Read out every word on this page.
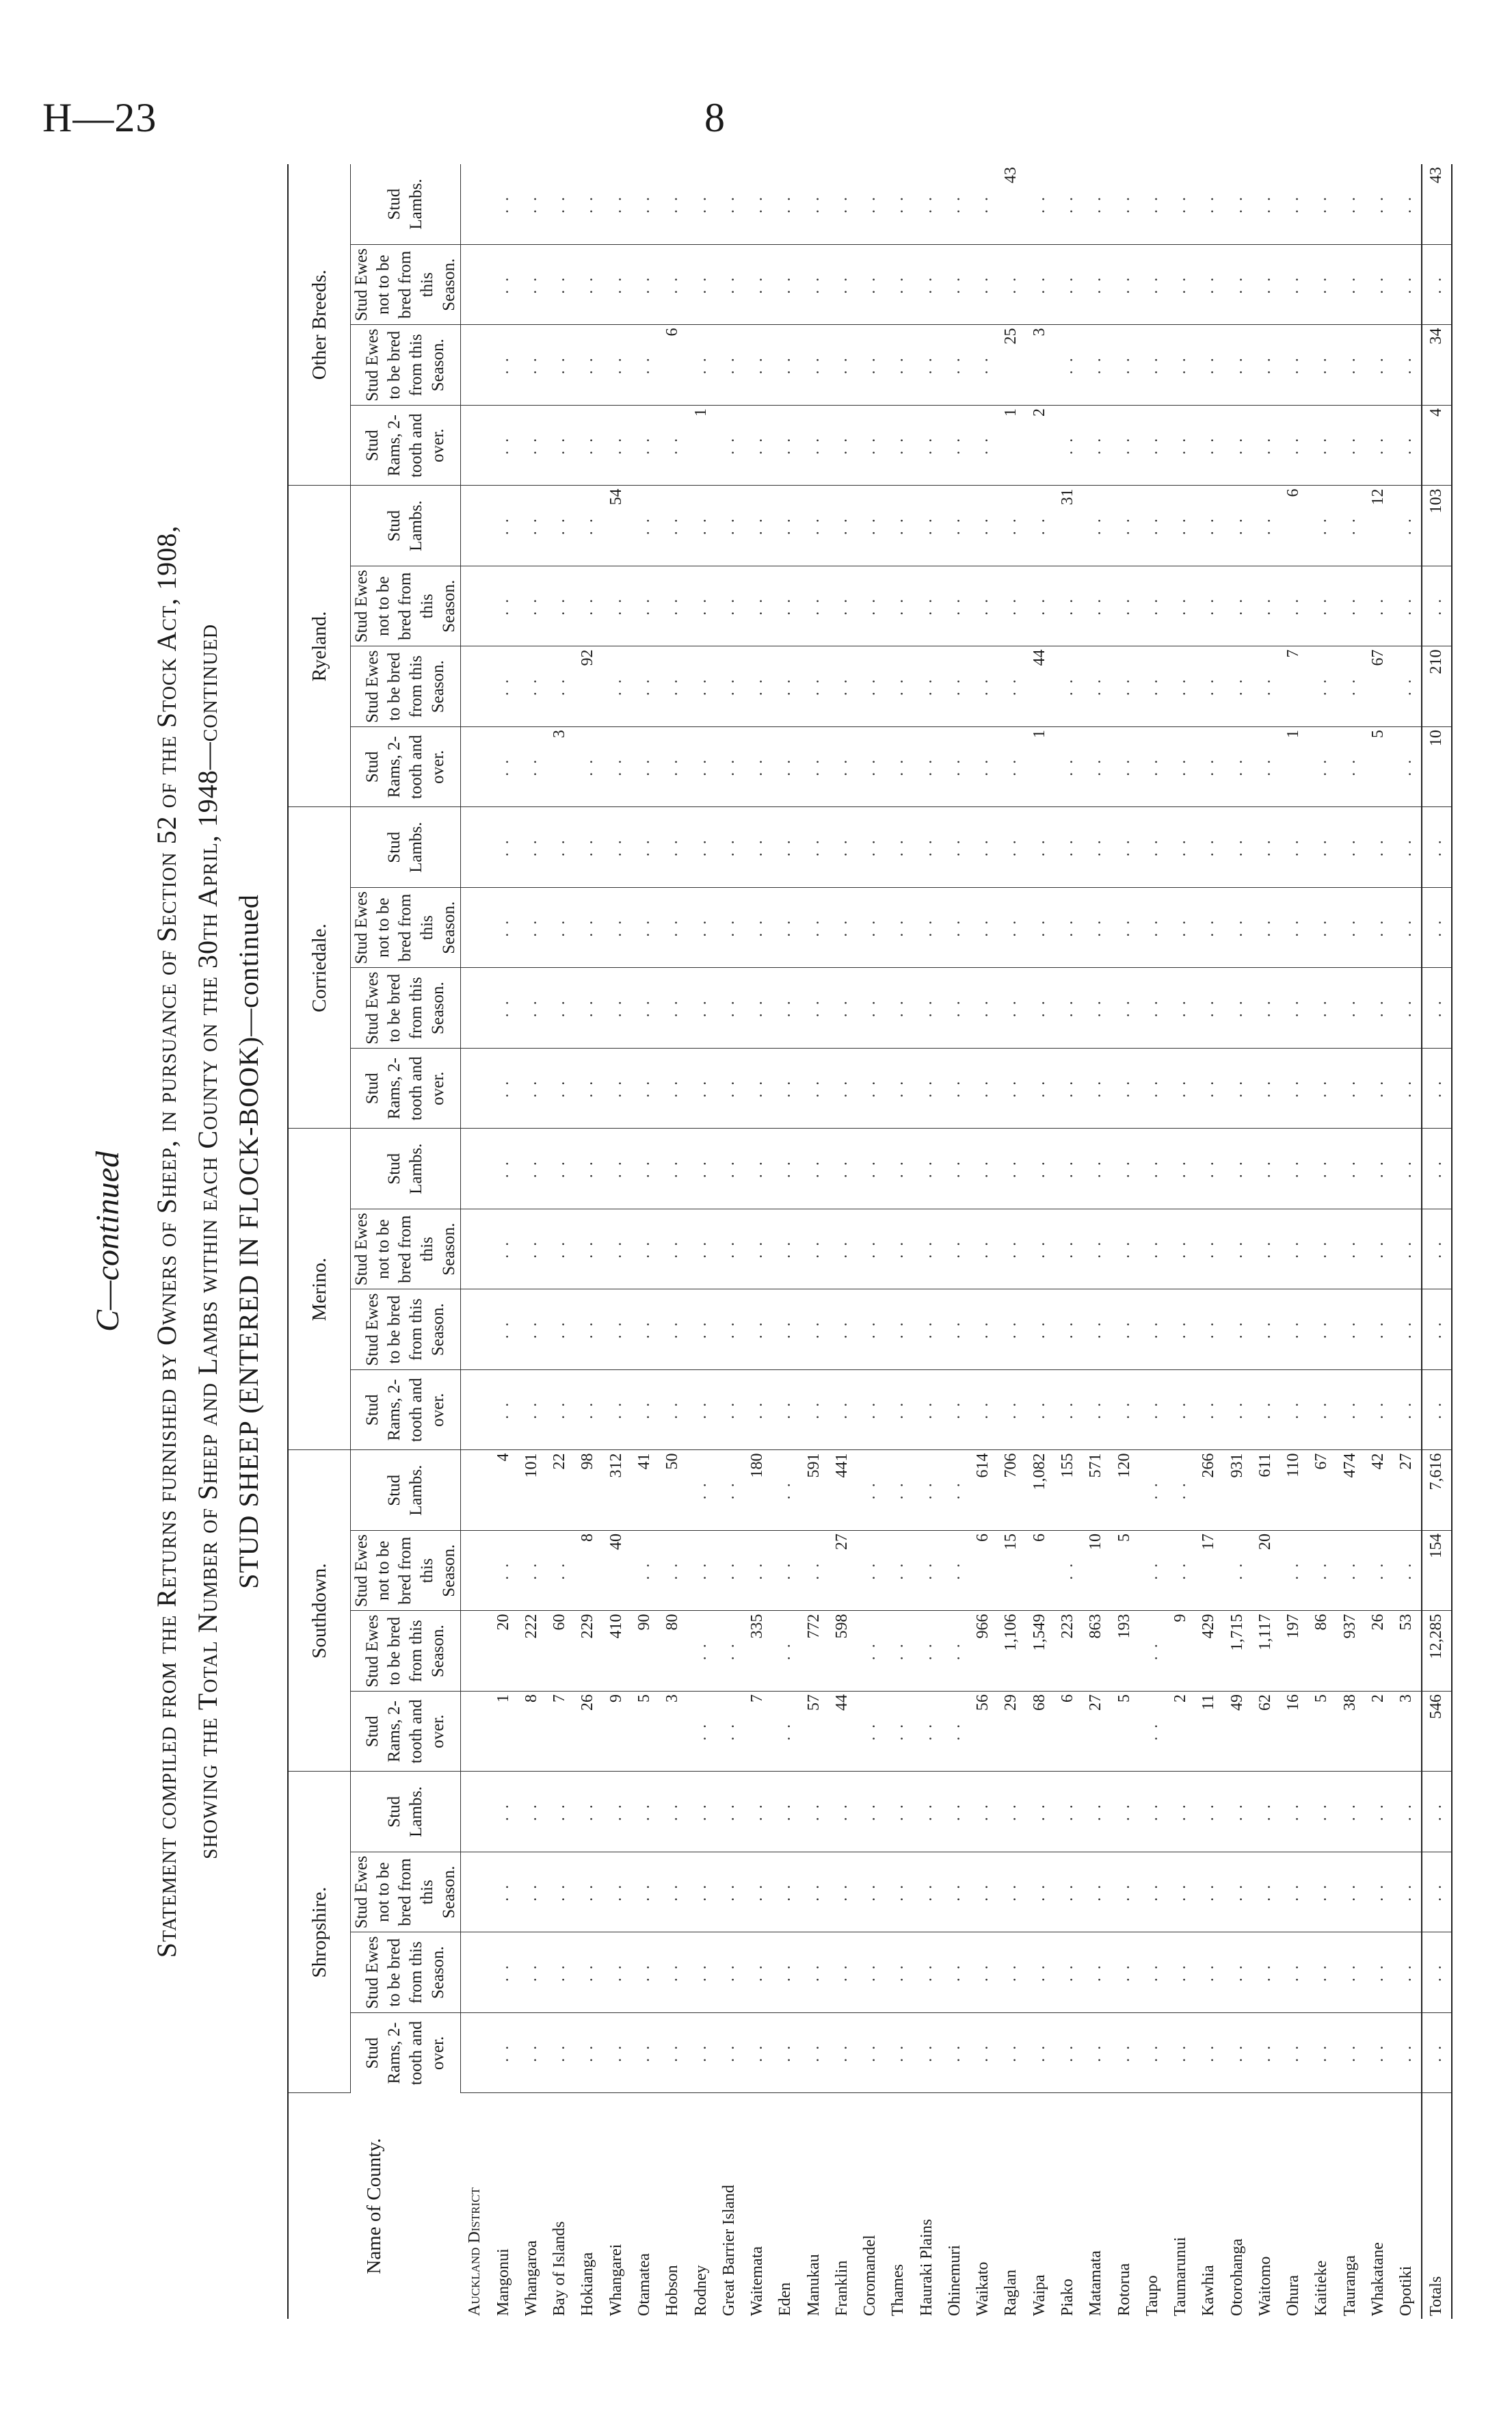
H—23	8
C—continued Statement compiled from the Returns furnished by Owners of Sheep, in pursuance of Section 52 of the Stock Act, 1908, showing the Total Number of Sheep and Lambs within each County on the 30th April, 1948—continued STUD SHEEP (ENTERED IN FLOCK-BOOK)—continued
Name of County.	Shropshire.				Southdown.				Merino.				Corriedale.				Ryeland.				Other Breeds.			
	Stud Rams, 2-tooth and over.	Stud Ewes to be bred from this Season.	Stud Ewes not to be bred from this Season.	Stud Lambs.	Stud Rams, 2-tooth and over.	Stud Ewes to be bred from this Season.	Stud Ewes not to be bred from this Season.	Stud Lambs.	Stud Rams, 2-tooth and over.	Stud Ewes to be bred from this Season.	Stud Ewes not to be bred from this Season.	Stud Lambs.	Stud Rams, 2-tooth and over.	Stud Ewes to be bred from this Season.	Stud Ewes not to be bred from this Season.	Stud Lambs.	Stud Rams, 2-tooth and over.	Stud Ewes to be bred from this Season.	Stud Ewes not to be bred from this Season.	Stud Lambs.	Stud Rams, 2-tooth and over.	Stud Ewes to be bred from this Season.	Stud Ewes not to be bred from this Season.	Stud Lambs.
Auckland District																								
Mangonui	. .	. .	. .	. .	1	20	. .	4	. .	. .	. .	. .	. .	. .	. .	. .	. .	. .	. .	. .	. .	. .	. .	. .
Whangaroa	. .	. .	. .	. .	8	222	. .	101	. .	. .	. .	. .	. .	. .	. .	. .	. .	. .	. .	. .	. .	. .	. .	. .
Bay of Islands	. .	. .	. .	. .	7	60	. .	22	. .	. .	. .	. .	. .	. .	. .	. .	3	. .	. .	. .	. .	. .	. .	. .
Hokianga	. .	. .	. .	. .	26	229	8	98	. .	. .	. .	. .	. .	. .	. .	. .	. .	92	. .	. .	. .	. .	. .	. .
Whangarei	. .	. .	. .	. .	9	410	40	312	. .	. .	. .	. .	. .	. .	. .	. .	. .	. .	. .	54	. .	. .	. .	. .
Otamatea	. .	. .	. .	. .	5	90	. .	41	. .	. .	. .	. .	. .	. .	. .	. .	. .	. .	. .	. .	. .	. .	. .	. .
Hobson	. .	. .	. .	. .	3	80	. .	50	. .	. .	. .	. .	. .	. .	. .	. .	. .	. .	. .	. .	. .	6	. .	. .
Rodney	. .	. .	. .	. .	. .	. .	. .	. .	. .	. .	. .	. .	. .	. .	. .	. .	. .	. .	. .	. .	1	. .	. .	. .
Great Barrier Island	. .	. .	. .	. .	. .	. .	. .	. .	. .	. .	. .	. .	. .	. .	. .	. .	. .	. .	. .	. .	. .	. .	. .	. .
Waitemata	. .	. .	. .	. .	7	335	. .	180	. .	. .	. .	. .	. .	. .	. .	. .	. .	. .	. .	. .	. .	. .	. .	. .
Eden	. .	. .	. .	. .	. .	. .	. .	. .	. .	. .	. .	. .	. .	. .	. .	. .	. .	. .	. .	. .	. .	. .	. .	. .
Manukau	. .	. .	. .	. .	57	772	. .	591	. .	. .	. .	. .	. .	. .	. .	. .	. .	. .	. .	. .	. .	. .	. .	. .
Franklin	. .	. .	. .	. .	44	598	27	441	. .	. .	. .	. .	. .	. .	. .	. .	. .	. .	. .	. .	. .	. .	. .	. .
Coromandel	. .	. .	. .	. .	. .	. .	. .	. .	. .	. .	. .	. .	. .	. .	. .	. .	. .	. .	. .	. .	. .	. .	. .	. .
Thames	. .	. .	. .	. .	. .	. .	. .	. .	. .	. .	. .	. .	. .	. .	. .	. .	. .	. .	. .	. .	. .	. .	. .	. .
Hauraki Plains	. .	. .	. .	. .	. .	. .	. .	. .	. .	. .	. .	. .	. .	. .	. .	. .	. .	. .	. .	. .	. .	. .	. .	. .
Ohinemuri	. .	. .	. .	. .	. .	. .	. .	. .	. .	. .	. .	. .	. .	. .	. .	. .	. .	. .	. .	. .	. .	. .	. .	. .
Waikato	. .	. .	. .	. .	56	966	6	614	. .	. .	. .	. .	. .	. .	. .	. .	. .	. .	. .	. .	. .	. .	. .	. .
Raglan	. .	. .	. .	. .	29	1,106	15	706	. .	. .	. .	. .	. .	. .	. .	. .	. .	. .	. .	. .	1	25	. .	43
Waipa	. .	. .	. .	. .	68	1,549	6	1,082	. .	. .	. .	. .	. .	. .	. .	. .	1	44	. .	. .	2	3	. .	. .
Piako	. .	. .	. .	. .	6	223	. .	155	. .	. .	. .	. .	. .	. .	. .	. .	. .	. .	. .	31	. .	. .	. .	. .
Matamata	. .	. .	. .	. .	27	863	10	571	. .	. .	. .	. .	. .	. .	. .	. .	. .	. .	. .	. .	. .	. .	. .	. .
Rotorua	. .	. .	. .	. .	5	193	5	120	. .	. .	. .	. .	. .	. .	. .	. .	. .	. .	. .	. .	. .	. .	. .	. .
Taupo	. .	. .	. .	. .	. .	. .	. .	. .	. .	. .	. .	. .	. .	. .	. .	. .	. .	. .	. .	. .	. .	. .	. .	. .
Taumarunui	. .	. .	. .	. .	2	9	. .	. .	. .	. .	. .	. .	. .	. .	. .	. .	. .	. .	. .	. .	. .	. .	. .	. .
Kawhia	. .	. .	. .	. .	11	429	17	266	. .	. .	. .	. .	. .	. .	. .	. .	. .	. .	. .	. .	. .	. .	. .	. .
Otorohanga	. .	. .	. .	. .	49	1,715	. .	931	. .	. .	. .	. .	. .	. .	. .	. .	. .	. .	. .	. .	. .	. .	. .	. .
Waitomo	. .	. .	. .	. .	62	1,117	20	611	. .	. .	. .	. .	. .	. .	. .	. .	. .	. .	. .	. .	. .	. .	. .	. .
Ohura	. .	. .	. .	. .	16	197	. .	110	. .	. .	. .	. .	. .	. .	. .	. .	1	7	. .	6	. .	. .	. .	. .
Kaitieke	. .	. .	. .	. .	5	86	. .	67	. .	. .	. .	. .	. .	. .	. .	. .	. .	. .	. .	. .	. .	. .	. .	. .
Tauranga	. .	. .	. .	. .	38	937	. .	474	. .	. .	. .	. .	. .	. .	. .	. .	. .	. .	. .	. .	. .	. .	. .	. .
Whakatane	. .	. .	. .	. .	2	26	. .	42	. .	. .	. .	. .	. .	. .	. .	. .	5	67	. .	12	. .	. .	. .	. .
Opotiki	. .	. .	. .	. .	3	53	. .	27	. .	. .	. .	. .	. .	. .	. .	. .	. .	. .	. .	. .	. .	. .	. .	. .
Totals	. .	. .	. .	. .	546	12,285	154	7,616	. .	. .	. .	. .	. .	. .	. .	. .	10	210	. .	103	4	34	. .	43
